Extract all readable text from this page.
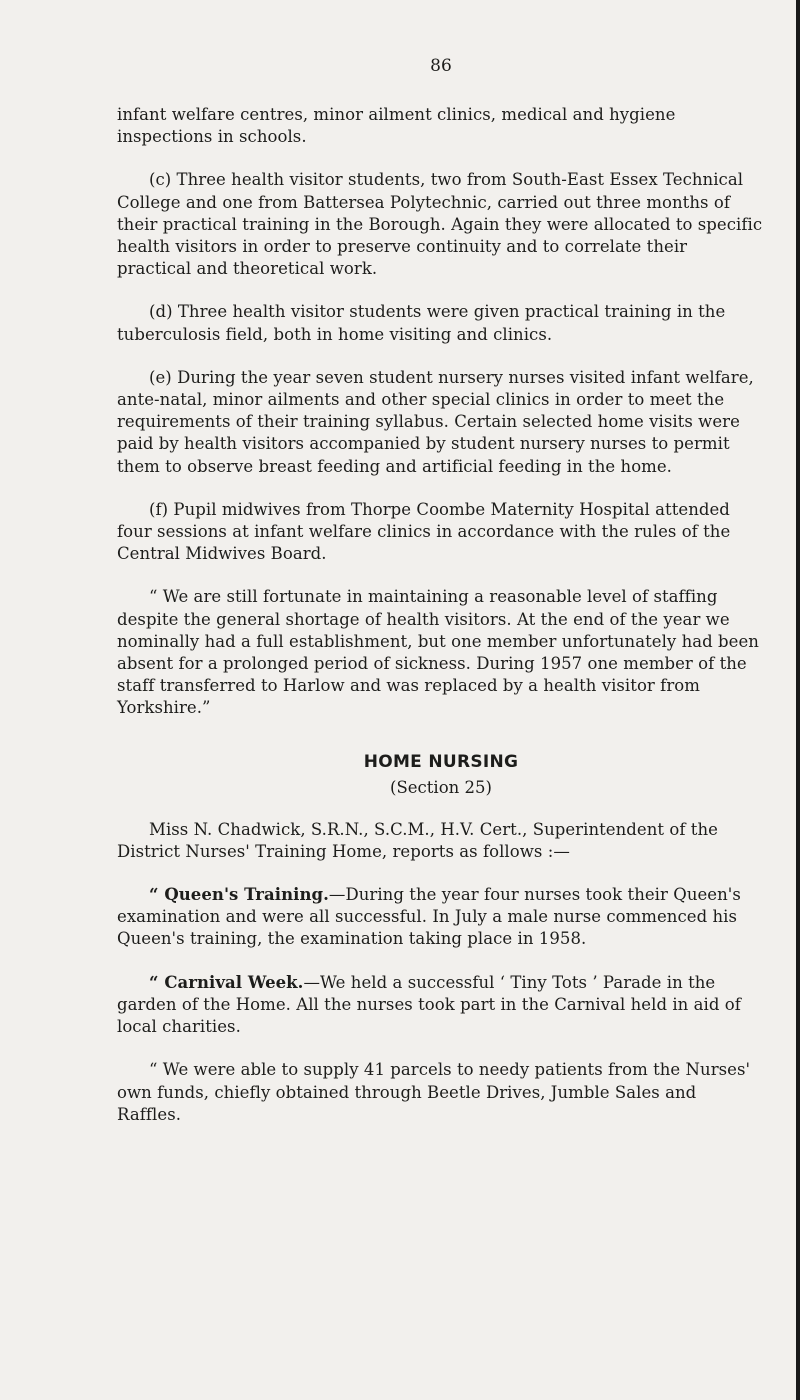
86

infant welfare centres, minor ailment clinics, medical and hygiene inspections in schools.

(c) Three health visitor students, two from South-East Essex Technical College and one from Battersea Polytechnic, carried out three months of their practical training in the Borough. Again they were allocated to specific health visitors in order to preserve continuity and to correlate their practical and theoretical work.

(d) Three health visitor students were given practical training in the tuberculosis field, both in home visiting and clinics.

(e) During the year seven student nursery nurses visited infant welfare, ante-natal, minor ailments and other special clinics in order to meet the requirements of their training syllabus. Certain selected home visits were paid by health visitors accompanied by student nursery nurses to permit them to observe breast feeding and artificial feeding in the home.

(f) Pupil midwives from Thorpe Coombe Maternity Hospital attended four sessions at infant welfare clinics in accordance with the rules of the Central Midwives Board.

“ We are still fortunate in maintaining a reasonable level of staffing despite the general shortage of health visitors. At the end of the year we nominally had a full establishment, but one member unfortunately had been absent for a prolonged period of sickness. During 1957 one member of the staff transferred to Harlow and was replaced by a health visitor from Yorkshire.”

HOME NURSING
(Section 25)

Miss N. Chadwick, S.R.N., S.C.M., H.V. Cert., Superintendent of the District Nurses' Training Home, reports as follows :—

“ Queen's Training.—During the year four nurses took their Queen's examination and were all successful. In July a male nurse commenced his Queen's training, the examination taking place in 1958.

“ Carnival Week.—We held a successful ‘ Tiny Tots ’ Parade in the garden of the Home. All the nurses took part in the Carnival held in aid of local charities.

“ We were able to supply 41 parcels to needy patients from the Nurses' own funds, chiefly obtained through Beetle Drives, Jumble Sales and Raffles.
